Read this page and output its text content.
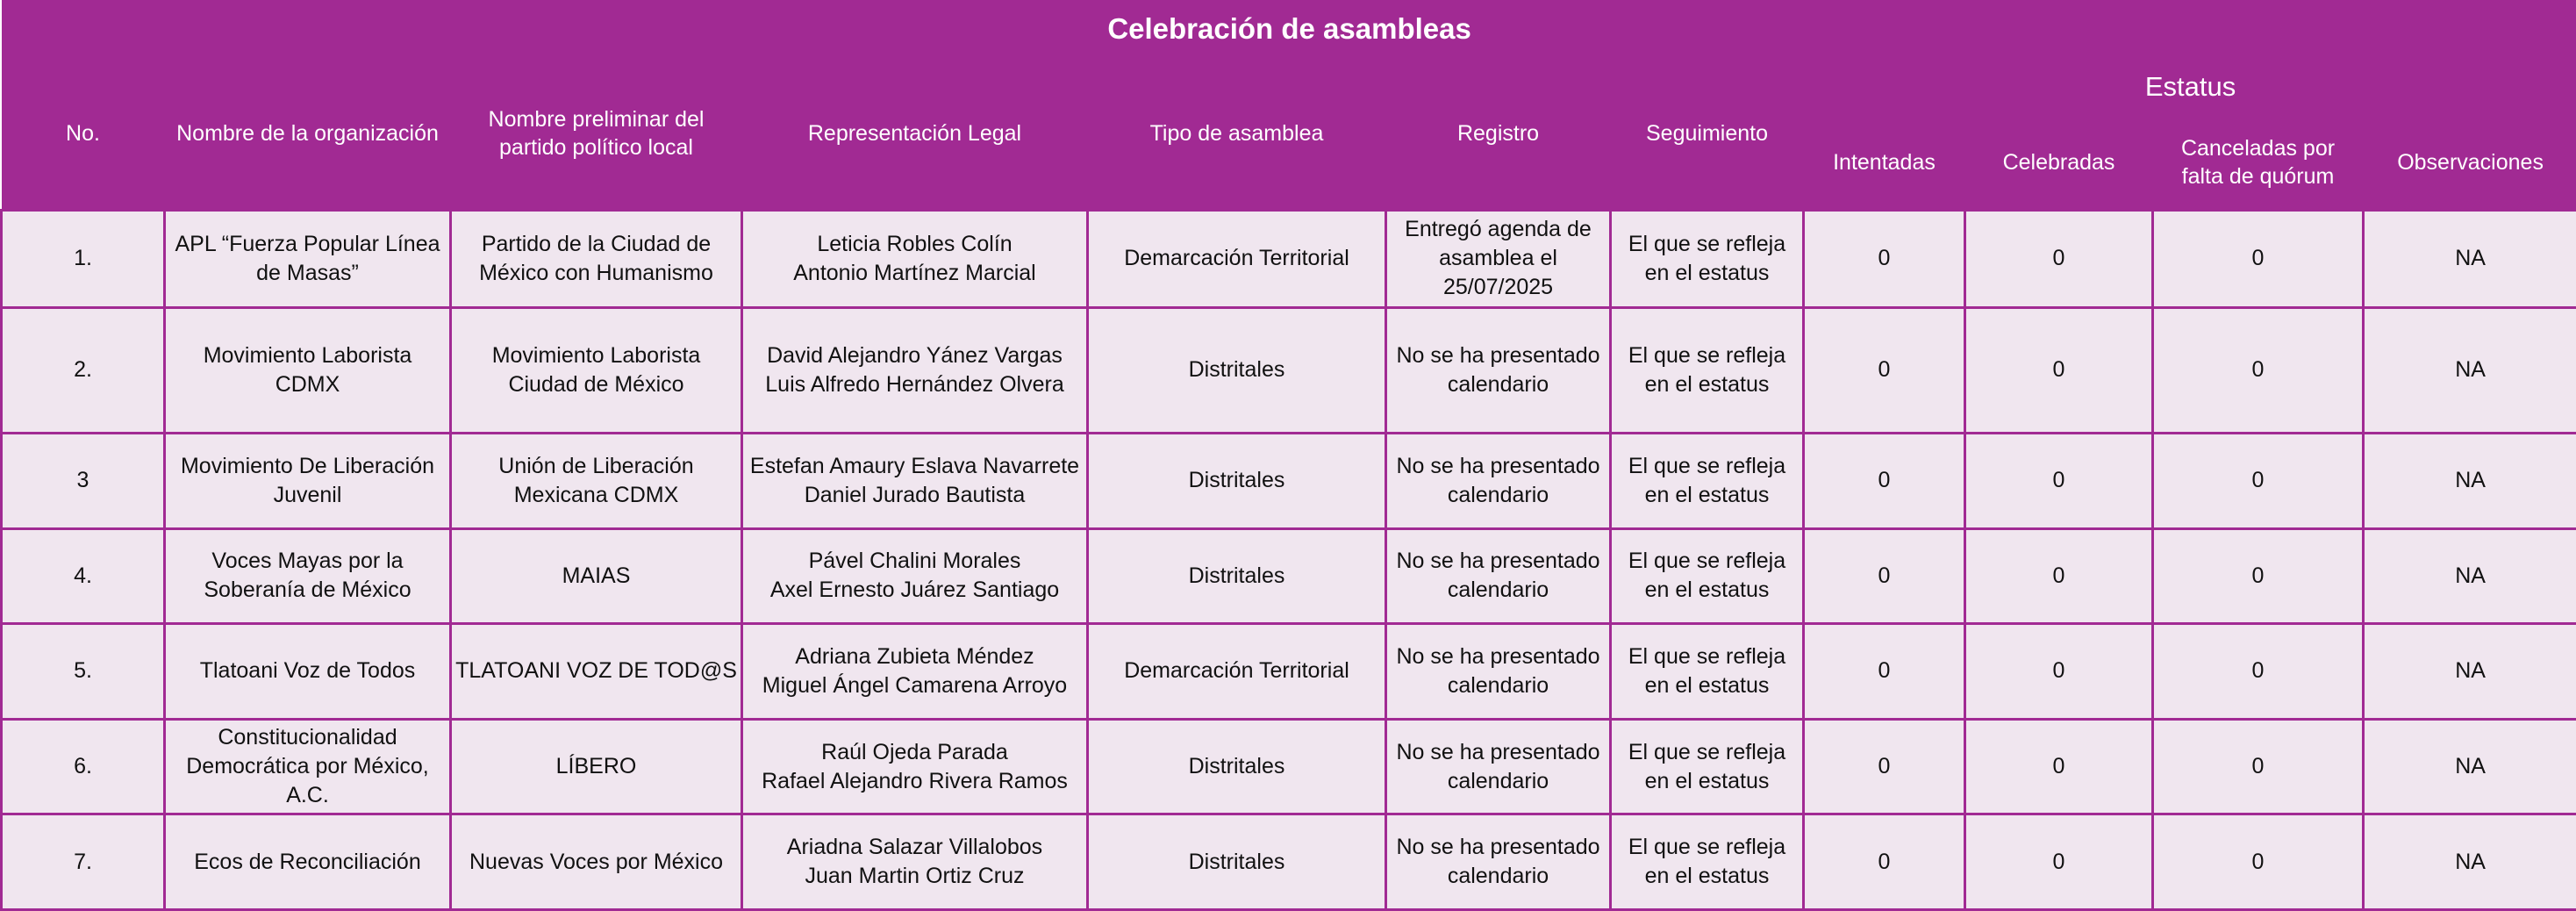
Celebración de asambleas										
No.	Nombre de la organización	Nombre preliminar del partido político local	Representación Legal	Tipo de asamblea	Registro	Seguimiento	Estatus			
							Intentadas	Celebradas	Canceladas por falta de quórum	Observaciones
1.	APL “Fuerza Popular Línea de Masas”	Partido de la Ciudad de México con Humanismo	Leticia Robles Colín
Antonio Martínez Marcial	Demarcación Territorial	Entregó agenda de asamblea el 25/07/2025	El que se refleja en el estatus	0	0	0	NA
2.	Movimiento Laborista CDMX	Movimiento Laborista Ciudad de México	David Alejandro Yánez Vargas
Luis Alfredo Hernández Olvera	Distritales	No se ha presentado calendario	El que se refleja en el estatus	0	0	0	NA
3	Movimiento De Liberación Juvenil	Unión de Liberación Mexicana CDMX	Estefan Amaury Eslava Navarrete
Daniel Jurado Bautista	Distritales	No se ha presentado calendario	El que se refleja en el estatus	0	0	0	NA
4.	Voces Mayas por la Soberanía de México	MAIAS	Pável Chalini Morales
Axel Ernesto Juárez Santiago	Distritales	No se ha presentado calendario	El que se refleja en el estatus	0	0	0	NA
5.	Tlatoani Voz de Todos	TLATOANI VOZ DE TOD@S	Adriana Zubieta Méndez
Miguel Ángel Camarena Arroyo	Demarcación Territorial	No se ha presentado calendario	El que se refleja en el estatus	0	0	0	NA
6.	Constitucionalidad Democrática por México, A.C.	LÍBERO	Raúl Ojeda Parada
Rafael Alejandro Rivera Ramos	Distritales	No se ha presentado calendario	El que se refleja en el estatus	0	0	0	NA
7.	Ecos de Reconciliación	Nuevas Voces por México	Ariadna Salazar Villalobos
Juan Martin Ortiz Cruz	Distritales	No se ha presentado calendario	El que se refleja en el estatus	0	0	0	NA
